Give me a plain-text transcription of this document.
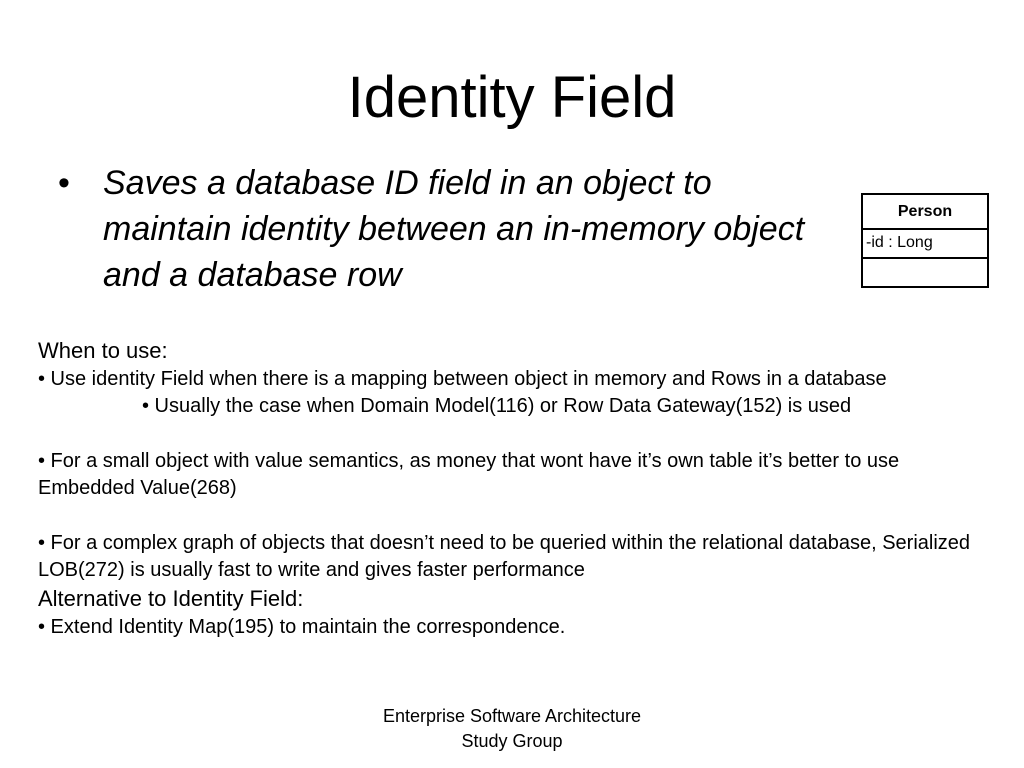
Identity Field
• Saves a database ID field in an object to maintain identity between an in-memory object and a database row
Person
-id : Long

When to use:

• Use identity Field when there is a mapping between object in memory and Rows in a database

• Usually the case when Domain Model(116) or Row Data Gateway(152) is used

• For a small object with value semantics, as money that wont have it’s own table it’s better to use Embedded Value(268)

• For a complex graph of objects that doesn’t need to be queried within the relational database, Serialized LOB(272) is usually fast to write and gives faster performance

Alternative to Identity Field:

• Extend Identity Map(195) to maintain the correspondence.

Enterprise Software Architecture
Study Group
